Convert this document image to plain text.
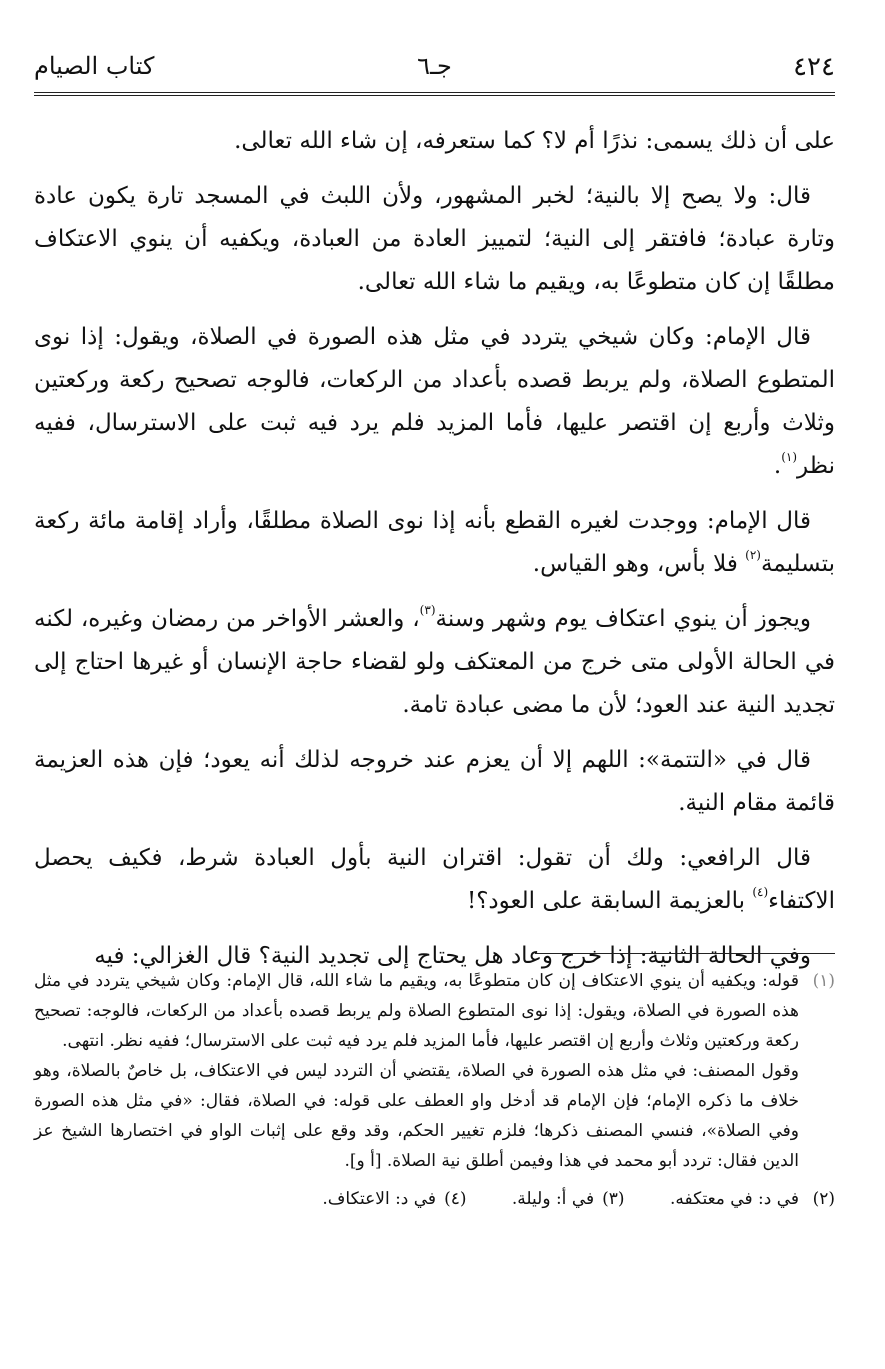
٤٢٤
جـ٦
كتاب الصيام

على أن ذلك يسمى: نذرًا أم لا؟ كما ستعرفه، إن شاء الله تعالى.

قال: ولا يصح إلا بالنية؛ لخبر المشهور، ولأن اللبث في المسجد تارة يكون عادة وتارة عبادة؛ فافتقر إلى النية؛ لتمييز العادة من العبادة، ويكفيه أن ينوي الاعتكاف مطلقًا إن كان متطوعًا به، ويقيم ما شاء الله تعالى.

قال الإمام: وكان شيخي يتردد في مثل هذه الصورة في الصلاة، ويقول: إذا نوى المتطوع الصلاة، ولم يربط قصده بأعداد من الركعات، فالوجه تصحيح ركعة وركعتين وثلاث وأربع إن اقتصر عليها، فأما المزيد فلم يرد فيه ثبت على الاسترسال، ففيه نظر$^{(١)}$.

قال الإمام: ووجدت لغيره القطع بأنه إذا نوى الصلاة مطلقًا، وأراد إقامة مائة ركعة بتسليمة$^{(٢)}$ فلا بأس، وهو القياس.

ويجوز أن ينوي اعتكاف يوم وشهر وسنة$^{(٣)}$، والعشر الأواخر من رمضان وغيره، لكنه في الحالة الأولى متى خرج من المعتكف ولو لقضاء حاجة الإنسان أو غيرها احتاج إلى تجديد النية عند العود؛ لأن ما مضى عبادة تامة.

قال في «التتمة»: اللهم إلا أن يعزم عند خروجه لذلك أنه يعود؛ فإن هذه العزيمة قائمة مقام النية.

قال الرافعي: ولك أن تقول: اقتران النية بأول العبادة شرط، فكيف يحصل الاكتفاء$^{(٤)}$ بالعزيمة السابقة على العود؟!

وفي الحالة الثانية: إذا خرج وعاد هل يحتاج إلى تجديد النية؟ قال الغزالي: فيه

(١)

قوله: ويكفيه أن ينوي الاعتكاف إن كان متطوعًا به، ويقيم ما شاء الله، قال الإمام: وكان شيخي يتردد في مثل هذه الصورة في الصلاة، ويقول: إذا نوى المتطوع الصلاة ولم يربط قصده بأعداد من الركعات، فالوجه: تصحيح ركعة وركعتين وثلاث وأربع إن اقتصر عليها، فأما المزيد فلم يرد فيه ثبت على الاسترسال؛ ففيه نظر. انتهى.

وقول المصنف: في مثل هذه الصورة في الصلاة، يقتضي أن التردد ليس في الاعتكاف، بل خاصٌ بالصلاة، وهو خلاف ما ذكره الإمام؛ فإن الإمام قد أدخل واو العطف على قوله: في الصلاة، فقال: «في مثل هذه الصورة وفي الصلاة»، فنسي المصنف ذكرها؛ فلزم تغيير الحكم، وقد وقع على إثبات الواو في اختصارها الشيخ عز الدين فقال: تردد أبو محمد في هذا وفيمن أطلق نية الصلاة. [أ و].

(٢)
في د: في معتكفه. (٣)في أ: وليلة. (٤)في د: الاعتكاف.
